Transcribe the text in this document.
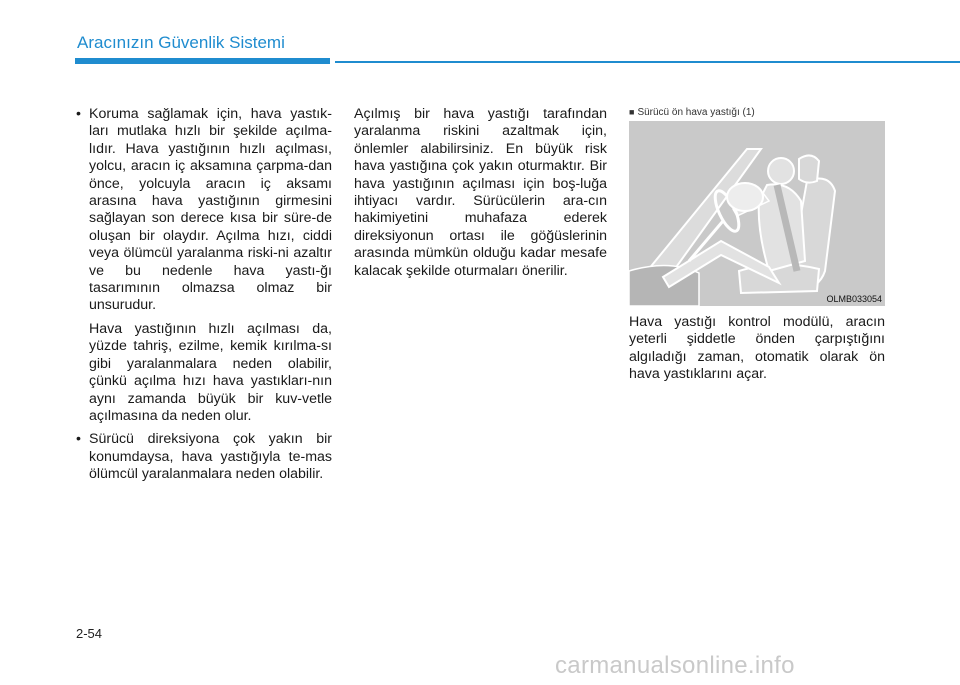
Aracınızın Güvenlik Sistemi

• Koruma sağlamak için, hava yastık-ları mutlaka hızlı bir şekilde açılma-lıdır. Hava yastığının hızlı açılması, yolcu, aracın iç aksamına çarpma-dan önce, yolcuyla aracın iç aksamı arasına hava yastığının girmesini sağlayan son derece kısa bir süre-de oluşan bir olaydır. Açılma hızı, ciddi veya ölümcül yaralanma riski-ni azaltır ve bu nedenle hava yastı-ğı tasarımının olmazsa olmaz bir unsurudur.

Hava yastığının hızlı açılması da, yüzde tahriş, ezilme, kemik kırılma-sı gibi yaralanmalara neden olabilir, çünkü açılma hızı hava yastıkları-nın aynı zamanda büyük bir kuv-vetle açılmasına da neden olur.

• Sürücü direksiyona çok yakın bir konumdaysa, hava yastığıyla te-mas ölümcül yaralanmalara neden olabilir.

Açılmış bir hava yastığı tarafından yaralanma riskini azaltmak için, önlemler alabilirsiniz. En büyük risk hava yastığına çok yakın oturmaktır. Bir hava yastığının açılması için boş-luğa ihtiyacı vardır. Sürücülerin ara-cın hakimiyetini muhafaza ederek direksiyonun ortası ile göğüslerinin arasında mümkün olduğu kadar mesafe kalacak şekilde oturmaları önerilir.

■ Sürücü ön hava yastığı (1)
OLMB033054

Hava yastığı kontrol modülü, aracın yeterli şiddetle önden çarpıştığını algıladığı zaman, otomatik olarak ön hava yastıklarını açar.

2-54
carmanualsonline.info
